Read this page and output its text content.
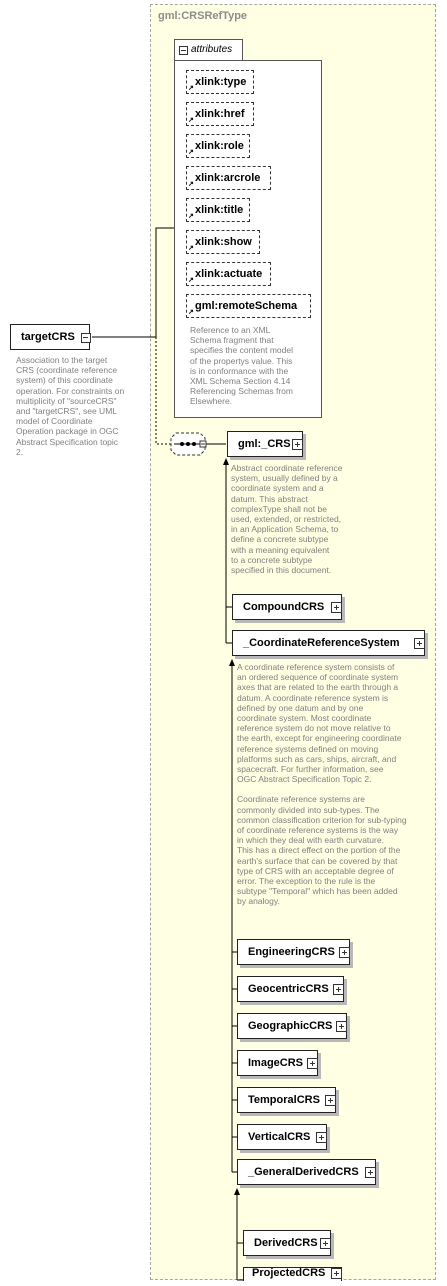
gml:CRSRefType
attributes
↗
xlink:type
↗
xlink:href
↗
xlink:role
↗
xlink:arcrole
↗
xlink:title
↗
xlink:show
↗
xlink:actuate
↗
gml:remoteSchema
Reference to an XML
Schema fragment that
specifies the content model
of the propertys value. This
is in conformance with the
XML Schema Section 4.14
Referencing Schemas from
Elsewhere.
targetCRS
Association to the target
CRS (coordinate reference
system) of this coordinate
operation. For constraints on
multiplicity of "sourceCRS"
and "targetCRS", see UML
model of Coordinate
Operation package in OGC
Abstract Specification topic
2.
gml:_CRS
Abstract coordinate reference
system, usually defined by a
coordinate system and a
datum. This abstract
complexType shall not be
used, extended, or restricted,
in an Application Schema, to
define a concrete subtype
with a meaning equivalent
to a concrete subtype
specified in this document.
CompoundCRS
_CoordinateReferenceSystem
A coordinate reference system consists of
an ordered sequence of coordinate system
axes that are related to the earth through a
datum. A coordinate reference system is
defined by one datum and by one
coordinate system. Most coordinate
reference system do not move relative to
the earth, except for engineering coordinate
reference systems defined on moving
platforms such as cars, ships, aircraft, and
spacecraft. For further information, see
OGC Abstract Specification Topic 2.
Coordinate reference systems are
commonly divided into sub-types. The
common classification criterion for sub-typing
of coordinate reference systems is the way
in which they deal with earth curvature.
This has a direct effect on the portion of the
earth's surface that can be covered by that
type of CRS with an acceptable degree of
error. The exception to the rule is the
subtype "Temporal" which has been added
by analogy.
EngineeringCRS
GeocentricCRS
GeographicCRS
ImageCRS
TemporalCRS
VerticalCRS
_GeneralDerivedCRS
DerivedCRS
ProjectedCRS
